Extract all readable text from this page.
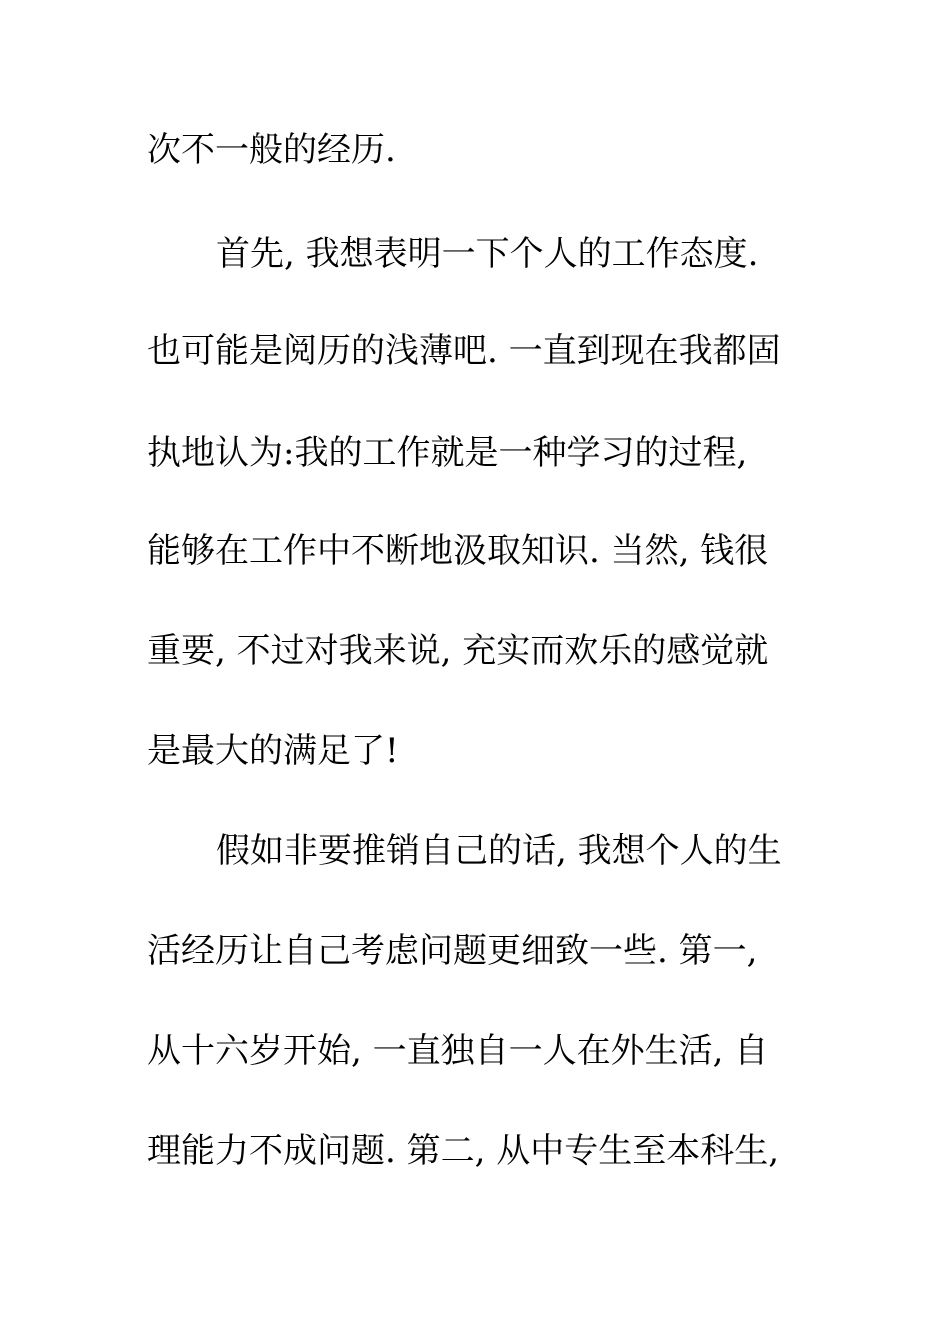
次不一般的经历.
首先, 我想表明一下个人的工作态度.
也可能是阅历的浅薄吧. 一直到现在我都固
执地认为:我的工作就是一种学习的过程,
能够在工作中不断地汲取知识. 当然, 钱很
重要, 不过对我来说, 充实而欢乐的感觉就
是最大的满足了!
假如非要推销自己的话, 我想个人的生
活经历让自己考虑问题更细致一些. 第一,
从十六岁开始, 一直独自一人在外生活, 自
理能力不成问题. 第二, 从中专生至本科生,
